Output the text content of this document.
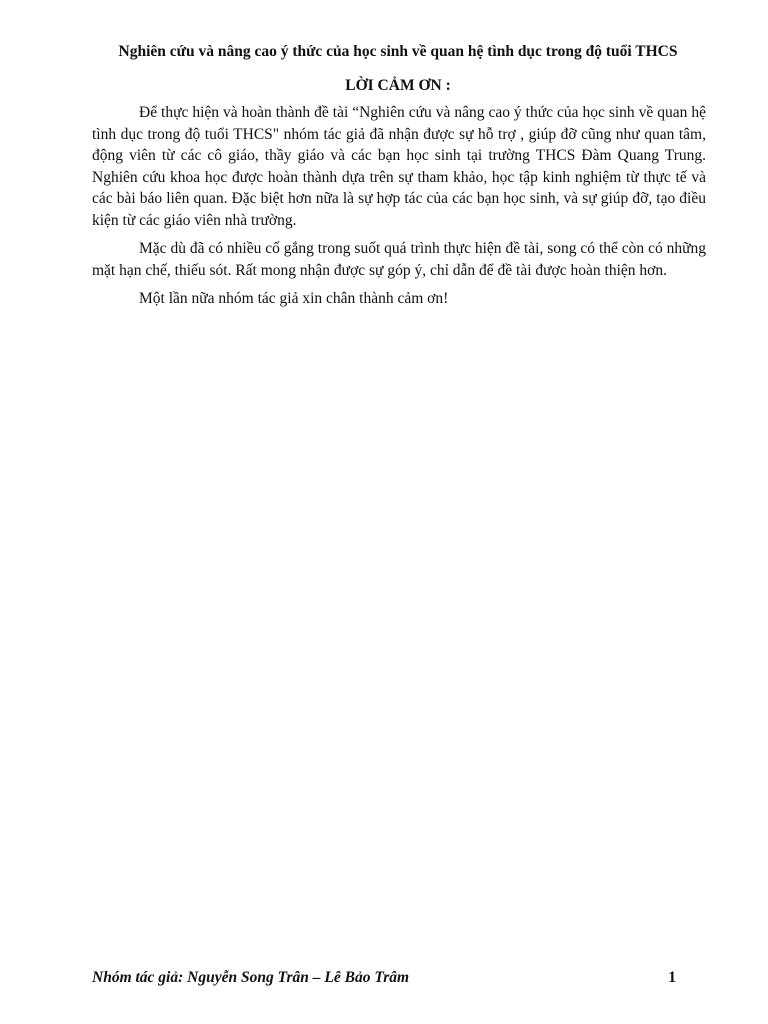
Nghiên cứu và nâng cao ý thức của học sinh về quan hệ tình dục trong độ tuổi THCS
LỜI CẢM ƠN :

Để thực hiện và hoàn thành đề tài “Nghiên cứu và nâng cao ý thức của học sinh về quan hệ tình dục trong độ tuổi THCS" nhóm tác giả đã nhận được sự hỗ trợ , giúp đỡ cũng như quan tâm, động viên từ các cô giáo, thầy giáo và các bạn học sinh tại trường THCS Đàm Quang Trung. Nghiên cứu khoa học được hoàn thành dựa trên sự tham khảo, học tập kinh nghiệm từ thực tế và các bài báo liên quan. Đặc biệt hơn nữa là sự hợp tác của các bạn học sinh, và sự giúp đỡ, tạo điều kiện từ các giáo viên nhà trường.

Mặc dù đã có nhiều cố gắng trong suốt quá trình thực hiện đề tài, song có thể còn có những mặt hạn chế, thiếu sót. Rất mong nhận được sự góp ý, chỉ dẫn để đề tài được hoàn thiện hơn.

Một lần nữa nhóm tác giả xin chân thành cảm ơn!

Nhóm tác giả: Nguyễn Song Trân – Lê Bảo Trâm	1
